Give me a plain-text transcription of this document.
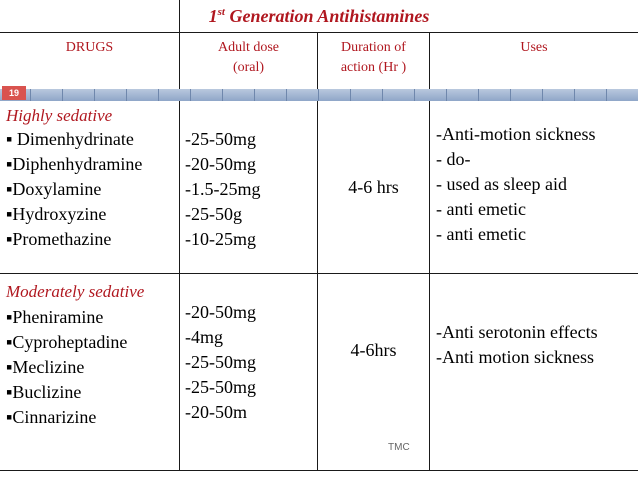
1st Generation Antihistamines
DRUGS	Adult dose
(oral)
Duration of
action (Hr )
Uses
19
Highly sedative
▪ Dimenhydrinate
▪Diphenhydramine
▪Doxylamine
▪Hydroxyzine
▪Promethazine
-25-50mg
-20-50mg
-1.5-25mg
-25-50g
-10-25mg
4-6 hrs
-Anti-motion sickness
- do-
- used as sleep aid
- anti emetic
- anti emetic
Moderately sedative
▪Pheniramine
▪Cyproheptadine
▪Meclizine
▪Buclizine
▪Cinnarizine
-20-50mg
-4mg
-25-50mg
-25-50mg
-20-50m
4-6hrs
-Anti serotonin effects
-Anti motion sickness
TMC
